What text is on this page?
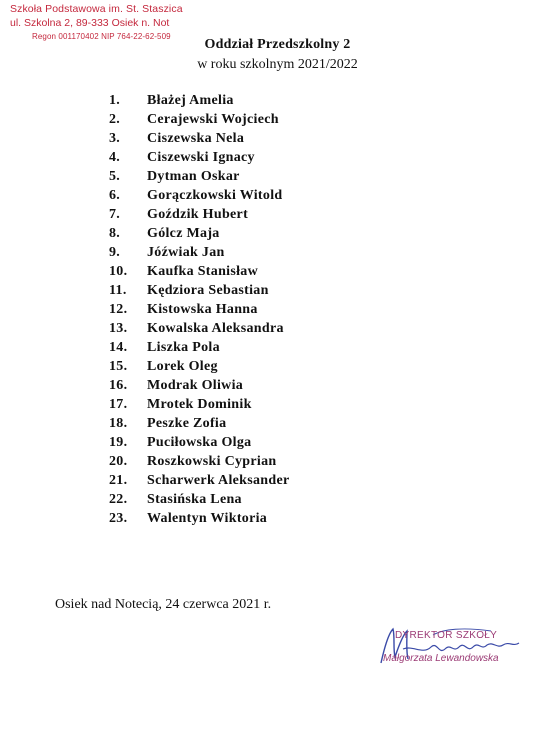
Szkoła Podstawowa im. St. Staszica
ul. Szkolna 2, 89-333 Osiek n. Not
Regon 001170402 NIP 764-22-62-509
Oddział Przedszkolny 2
w roku szkolnym 2021/2022
1.	Błażej Amelia
2.	Cerajewski Wojciech
3.	Ciszewska Nela
4.	Ciszewski Ignacy
5.	Dytman Oskar
6.	Gorączkowski Witold
7.	Goździk Hubert
8.	Gólcz Maja
9.	Jóźwiak Jan
10.	Kaufka Stanisław
11.	Kędziora Sebastian
12.	Kistowska Hanna
13.	Kowalska Aleksandra
14.	Liszka Pola
15.	Lorek Oleg
16.	Modrak Oliwia
17.	Mrotek Dominik
18.	Peszke Zofia
19.	Puciłowska Olga
20.	Roszkowski Cyprian
21.	Scharwerk Aleksander
22.	Stasińska Lena
23.	Walentyn Wiktoria
Osiek nad Notecią, 24 czerwca 2021 r.
DYREKTOR SZKOŁY
Małgorzata Lewandowska
